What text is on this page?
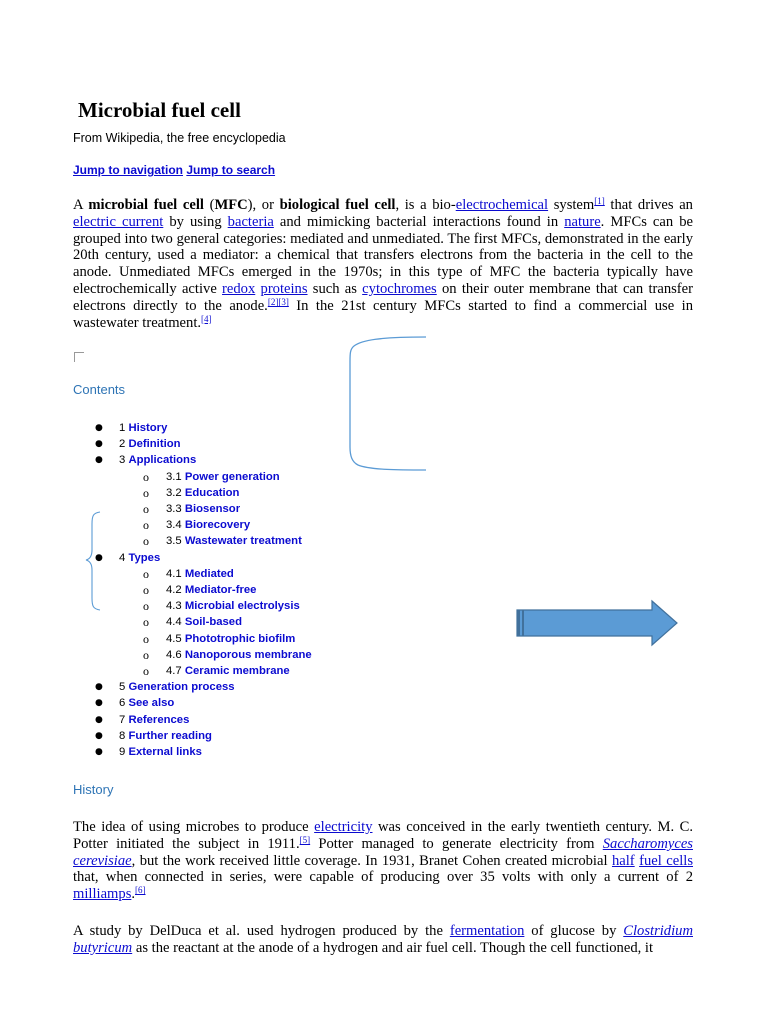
Microbial fuel cell
From Wikipedia, the free encyclopedia
Jump to navigation Jump to search
A microbial fuel cell (MFC), or biological fuel cell, is a bio-electrochemical system[1] that drives an electric current by using bacteria and mimicking bacterial interactions found in nature. MFCs can be grouped into two general categories: mediated and unmediated. The first MFCs, demonstrated in the early 20th century, used a mediator: a chemical that transfers electrons from the bacteria in the cell to the anode. Unmediated MFCs emerged in the 1970s; in this type of MFC the bacteria typically have electrochemically active redox proteins such as cytochromes on their outer membrane that can transfer electrons directly to the anode.[2][3] In the 21st century MFCs started to find a commercial use in wastewater treatment.[4]
Contents
● 1 History
● 2 Definition
● 3 Applications
o 3.1 Power generation
o 3.2 Education
o 3.3 Biosensor
o 3.4 Biorecovery
o 3.5 Wastewater treatment
● 4 Types
o 4.1 Mediated
o 4.2 Mediator-free
o 4.3 Microbial electrolysis
o 4.4 Soil-based
o 4.5 Phototrophic biofilm
o 4.6 Nanoporous membrane
o 4.7 Ceramic membrane
● 5 Generation process
● 6 See also
● 7 References
● 8 Further reading
● 9 External links
History
The idea of using microbes to produce electricity was conceived in the early twentieth century. M. C. Potter initiated the subject in 1911.[5] Potter managed to generate electricity from Saccharomyces cerevisiae, but the work received little coverage. In 1931, Branet Cohen created microbial half fuel cells that, when connected in series, were capable of producing over 35 volts with only a current of 2 milliamps.[6]
A study by DelDuca et al. used hydrogen produced by the fermentation of glucose by Clostridium butyricum as the reactant at the anode of a hydrogen and air fuel cell. Though the cell functioned, it
